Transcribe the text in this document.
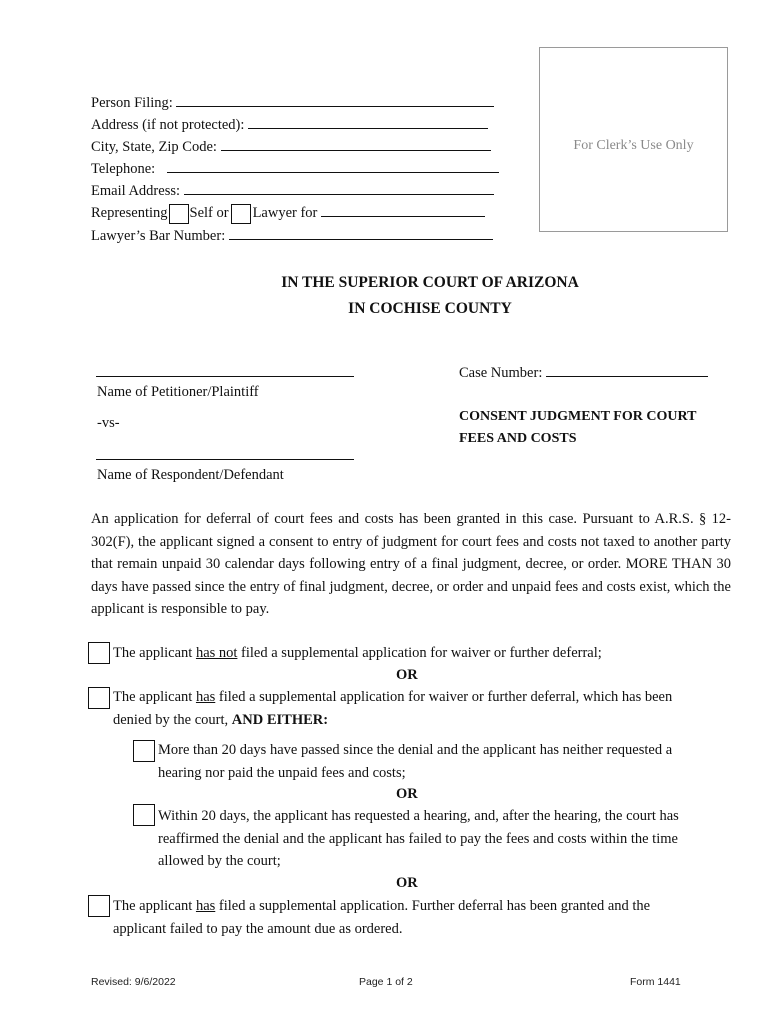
Person Filing:
Address (if not protected):
City, State, Zip Code:
Telephone:
Email Address:
Representing Self or Lawyer for
Lawyer’s Bar Number:
For Clerk’s Use Only
IN THE SUPERIOR COURT OF ARIZONA
IN COCHISE COUNTY
Name of Petitioner/Plaintiff
-vs-
Name of Respondent/Defendant
Case Number:
CONSENT JUDGMENT FOR COURT
FEES AND COSTS
An application for deferral of court fees and costs has been granted in this case. Pursuant to A.R.S. § 12-302(F), the applicant signed a consent to entry of judgment for court fees and costs not taxed to another party that remain unpaid 30 calendar days following entry of a final judgment, decree, or order. MORE THAN 30 days have passed since the entry of final judgment, decree, or order and unpaid fees and costs exist, which the applicant is responsible to pay.
The applicant has not filed a supplemental application for waiver or further deferral;
OR
The applicant has filed a supplemental application for waiver or further deferral, which has been
denied by the court, AND EITHER:
More than 20 days have passed since the denial and the applicant has neither requested a
hearing nor paid the unpaid fees and costs;
OR
Within 20 days, the applicant has requested a hearing, and, after the hearing, the court has
reaffirmed the denial and the applicant has failed to pay the fees and costs within the time
allowed by the court;
OR
The applicant has filed a supplemental application. Further deferral has been granted and the
applicant failed to pay the amount due as ordered.
Revised: 9/6/2022	Page 1 of 2	Form 1441
